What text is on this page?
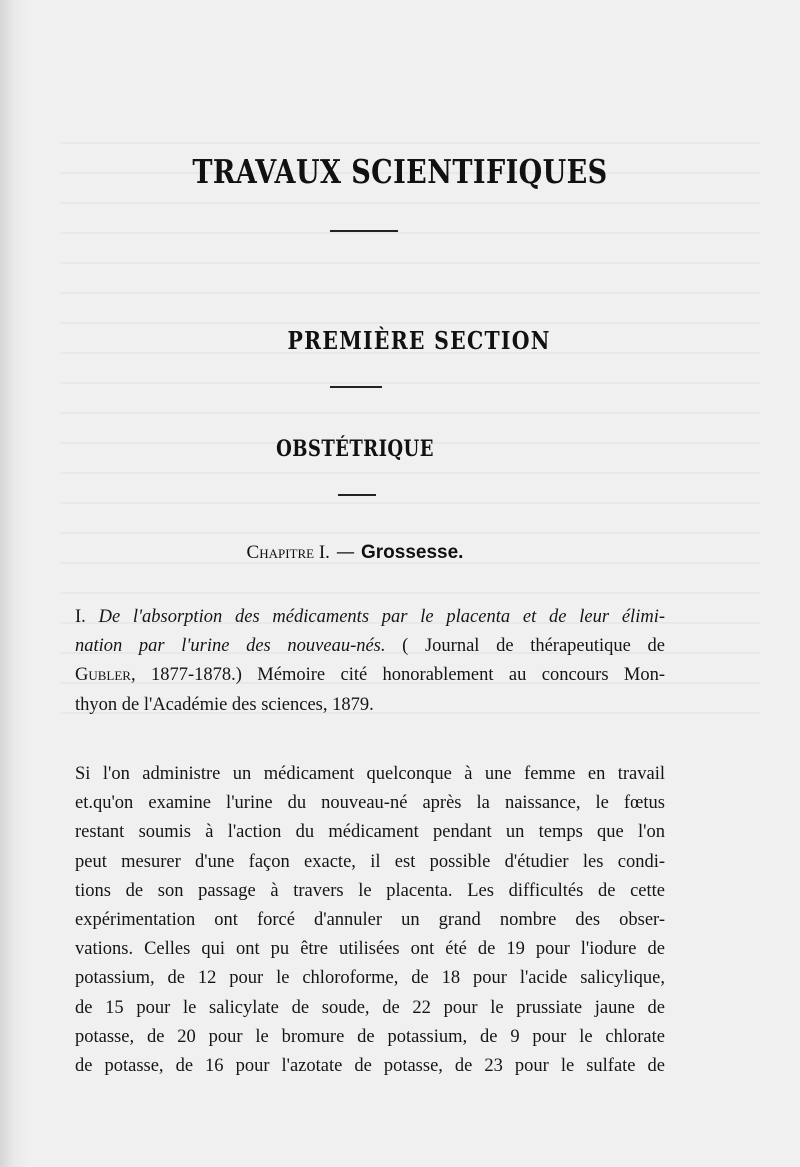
TRAVAUX SCIENTIFIQUES
PREMIÈRE SECTION
OBSTÉTRIQUE
Chapitre I. — Grossesse.
I. De l'absorption des médicaments par le placenta et de leur élimi-
nation par l'urine des nouveau-nés. ( Journal de thérapeutique de
Gubler, 1877-1878.) Mémoire cité honorablement au concours Mon-
thyon de l'Académie des sciences, 1879.
Si l'on administre un médicament quelconque à une femme en travail
et.qu'on examine l'urine du nouveau-né après la naissance, le fœtus
restant soumis à l'action du médicament pendant un temps que l'on
peut mesurer d'une façon exacte, il est possible d'étudier les condi-
tions de son passage à travers le placenta. Les difficultés de cette
expérimentation ont forcé d'annuler un grand nombre des obser-
vations. Celles qui ont pu être utilisées ont été de 19 pour l'iodure de
potassium, de 12 pour le chloroforme, de 18 pour l'acide salicylique,
de 15 pour le salicylate de soude, de 22 pour le prussiate jaune de
potasse, de 20 pour le bromure de potassium, de 9 pour le chlorate
de potasse, de 16 pour l'azotate de potasse, de 23 pour le sulfate de
